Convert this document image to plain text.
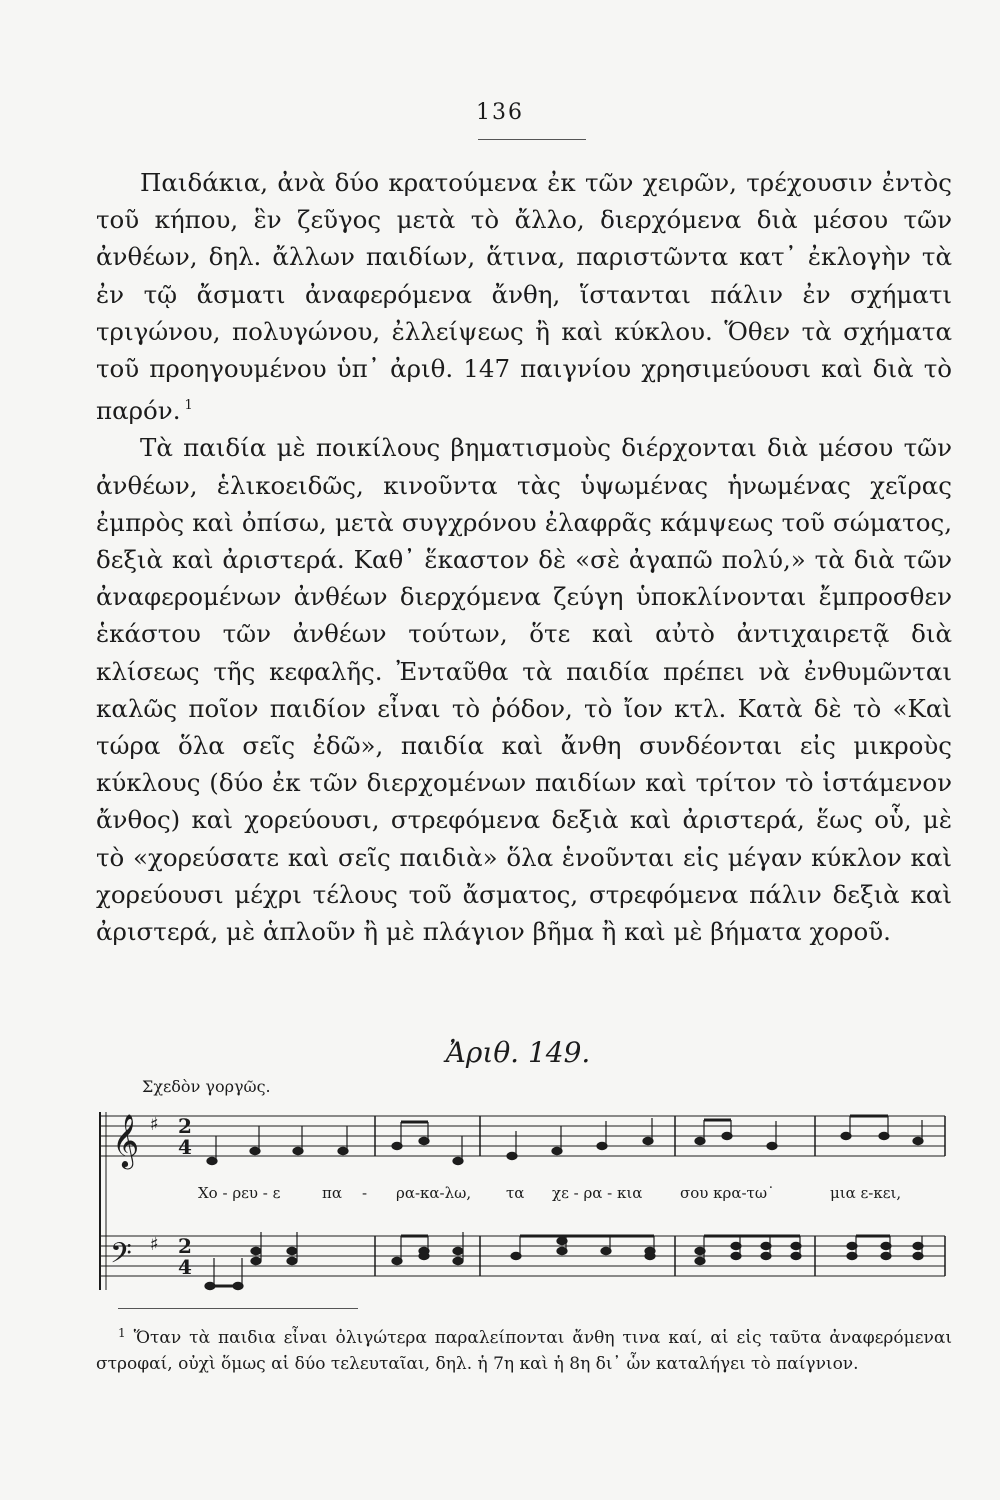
136

Παιδάκια, ἀνὰ δύο κρατούμενα ἐκ τῶν χειρῶν, τρέχουσιν ἐντὸς τοῦ κήπου, ἓν ζεῦγος μετὰ τὸ ἄλλο, διερχόμενα διὰ μέσου τῶν ἀνθέων, δηλ. ἄλλων παιδίων, ἅτινα, παριστῶντα κατ᾽ ἐκλογὴν τὰ ἐν τῷ ἄσματι ἀναφερόμενα ἄνθη, ἵστανται πάλιν ἐν σχήματι τριγώνου, πολυγώνου, ἐλλείψεως ἢ καὶ κύκλου. Ὅθεν τὰ σχήματα τοῦ προηγουμένου ὑπ᾽ ἀριθ. 147 παιγνίου χρησιμεύουσι καὶ διὰ τὸ παρόν. $^1$

Τὰ παιδία μὲ ποικίλους βηματισμοὺς διέρχονται διὰ μέσου τῶν ἀνθέων, ἑλικοειδῶς, κινοῦντα τὰς ὑψωμένας ἡνωμένας χεῖρας ἐμπρὸς καὶ ὀπίσω, μετὰ συγχρόνου ἐλαφρᾶς κάμψεως τοῦ σώματος, δεξιὰ καὶ ἀριστερά. Καθ᾽ ἕκαστον δὲ «σὲ ἀγαπῶ πολύ,» τὰ διὰ τῶν ἀναφερομένων ἀνθέων διερχόμενα ζεύγη ὑποκλίνονται ἔμπροσθεν ἑκάστου τῶν ἀνθέων τούτων, ὅτε καὶ αὐτὸ ἀντιχαιρετᾷ διὰ κλίσεως τῆς κεφαλῆς. Ἐνταῦθα τὰ παιδία πρέπει νὰ ἐνθυμῶνται καλῶς ποῖον παιδίον εἶναι τὸ ῥόδον, τὸ ἴον κτλ. Κατὰ δὲ τὸ «Καὶ τώρα ὅλα σεῖς ἐδῶ», παιδία καὶ ἄνθη συνδέονται εἰς μικροὺς κύκλους (δύο ἐκ τῶν διερχομένων παιδίων καὶ τρίτον τὸ ἱστάμενον ἄνθος) καὶ χορεύουσι, στρεφόμενα δεξιὰ καὶ ἀριστερά, ἕως οὗ, μὲ τὸ «χορεύσατε καὶ σεῖς παιδιὰ» ὅλα ἑνοῦνται εἰς μέγαν κύκλον καὶ χορεύουσι μέχρι τέλους τοῦ ἄσματος, στρεφόμενα πάλιν δεξιὰ καὶ ἀριστερά, μὲ ἁπλοῦν ἢ μὲ πλάγιον βῆμα ἢ καὶ μὲ βήματα χοροῦ.

Ἀριθ. 149.
Σχεδὸν γοργῶς.
𝄞
𝄢
♯
♯
2
4
2
4
Χο - ρευ - ε	πα - ρα-κα-λω, τα χε - ρα - κια	σου κρα-τω˙	μια ε-κει,

$^1$ Ὅταν τὰ παιδια εἶναι ὀλιγώτερα παραλείπονται ἄνθη τινα καί, αἱ εἰς ταῦτα ἀναφερόμεναι στροφαί, οὐχὶ ὅμως αἱ δύο τελευταῖαι, δηλ. ἡ 7η καὶ ἡ 8η δι᾽ ὧν καταλήγει τὸ παίγνιον.
